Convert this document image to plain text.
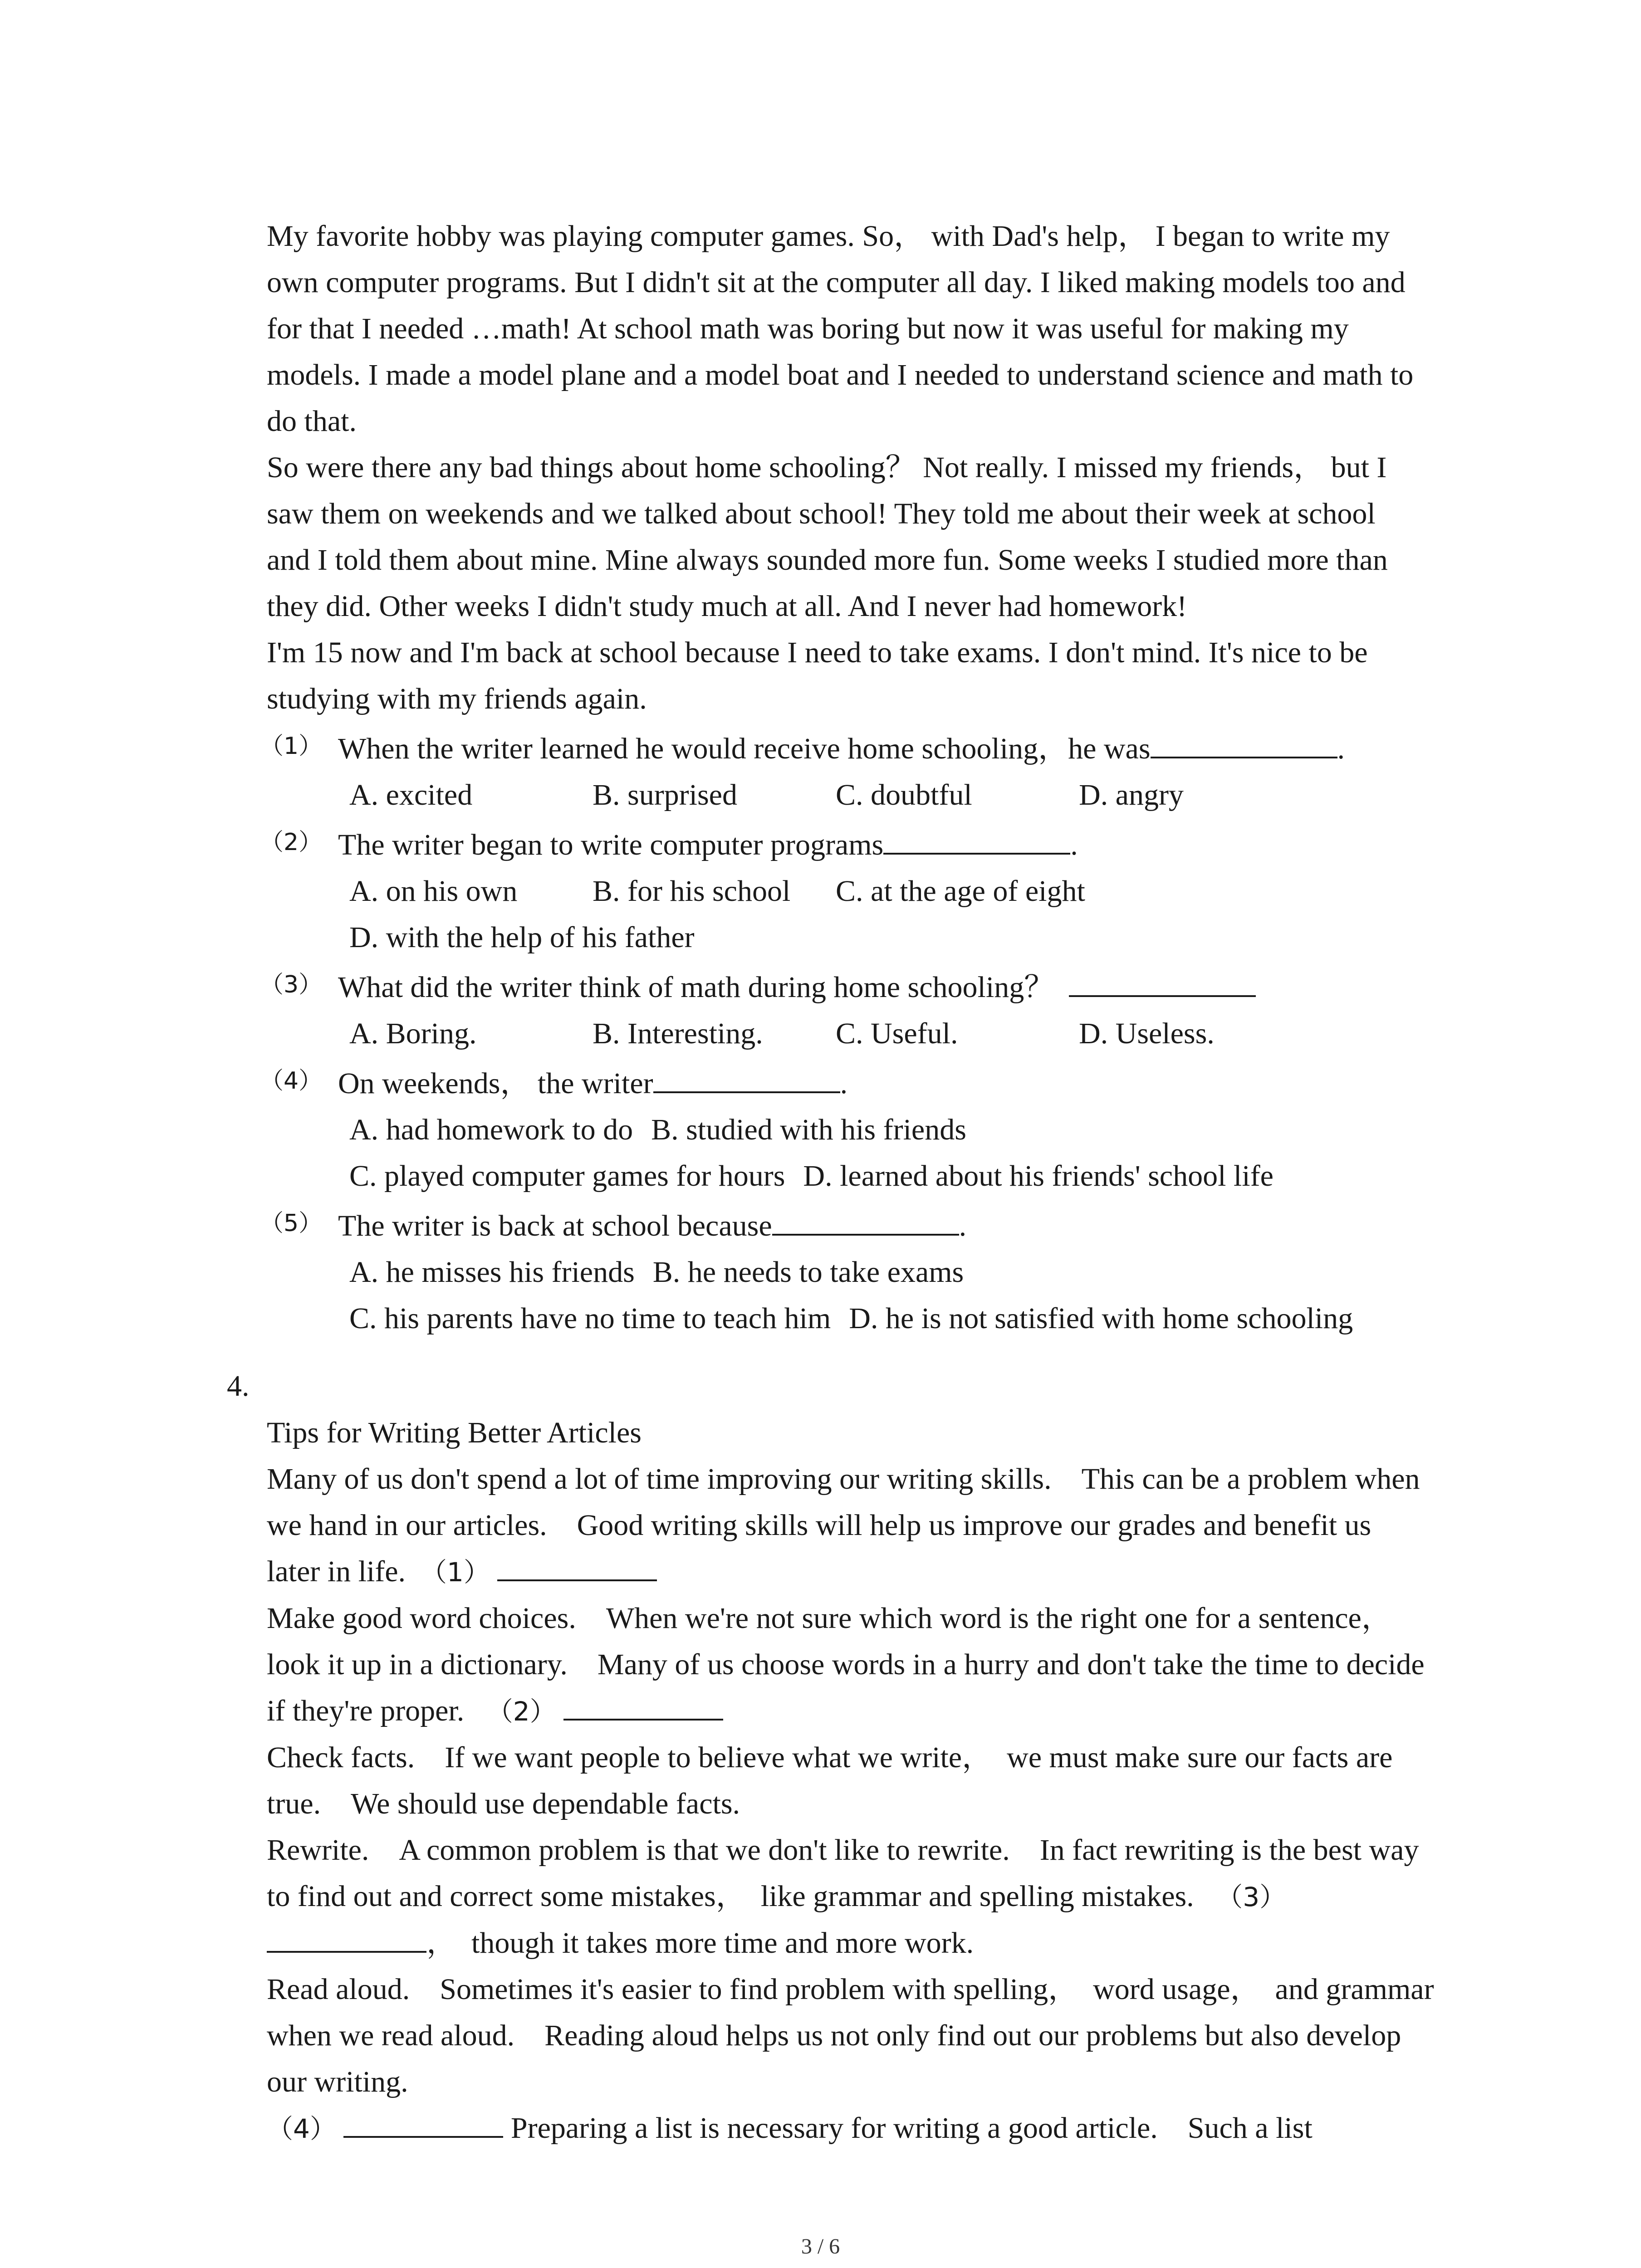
My favorite hobby was playing computer games. So， with Dad's help， I began to write my

own computer programs. But I didn't sit at the computer all day. I liked making models too and

for that I needed …math! At school math was boring but now it was useful for making my

models. I made a model plane and a model boat and I needed to understand science and math to

do that.

So were there any bad things about home schooling？ Not really. I missed my friends， but I

saw them on weekends and we talked about school! They told me about their week at school

and I told them about mine. Mine always sounded more fun. Some weeks I studied more than

they did. Other weeks I didn't study much at all. And I never had homework!

I'm 15 now and I'm back at school because I need to take exams. I don't mind. It's nice to be

studying with my friends again.

（1） When the writer learned he would receive home schooling，he was	.
A. excited	B. surprised	C. doubtful	D. angry
（2） The writer began to write computer programs	.
A. on his own	B. for his school	C. at the age of eight
D. with the help of his father
（3） What did the writer think of math during home schooling？
A. Boring.	B. Interesting.	C. Useful.	D. Useless.
（4） On weekends， the writer	.
A. had homework to do B. studied with his friends
C. played computer games for hours D. learned about his friends' school life
（5） The writer is back at school because	.
A. he misses his friends B. he needs to take exams
C. his parents have no time to teach him D. he is not satisfied with home schooling
4.

Tips for Writing Better Articles

Many of us don't spend a lot of time improving our writing skills.　This can be a problem when

we hand in our articles.　Good writing skills will help us improve our grades and benefit us

later in life. （1）

Make good word choices.　When we're not sure which word is the right one for a sentence，

look it up in a dictionary.　Many of us choose words in a hurry and don't take the time to decide

if they're proper. （2）

Check facts.　If we want people to believe what we write，　we must make sure our facts are

true.　We should use dependable facts.

Rewrite.　A common problem is that we don't like to rewrite.　In fact rewriting is the best way

to find out and correct some mistakes，　like grammar and spelling mistakes. （3）

，　though it takes more time and more work.

Read aloud.　Sometimes it's easier to find problem with spelling，　word usage，　and grammar

when we read aloud.　Reading aloud helps us not only find out our problems but also develop

our writing.

（4）	Preparing a list is necessary for writing a good article.　Such a list

3 / 6
